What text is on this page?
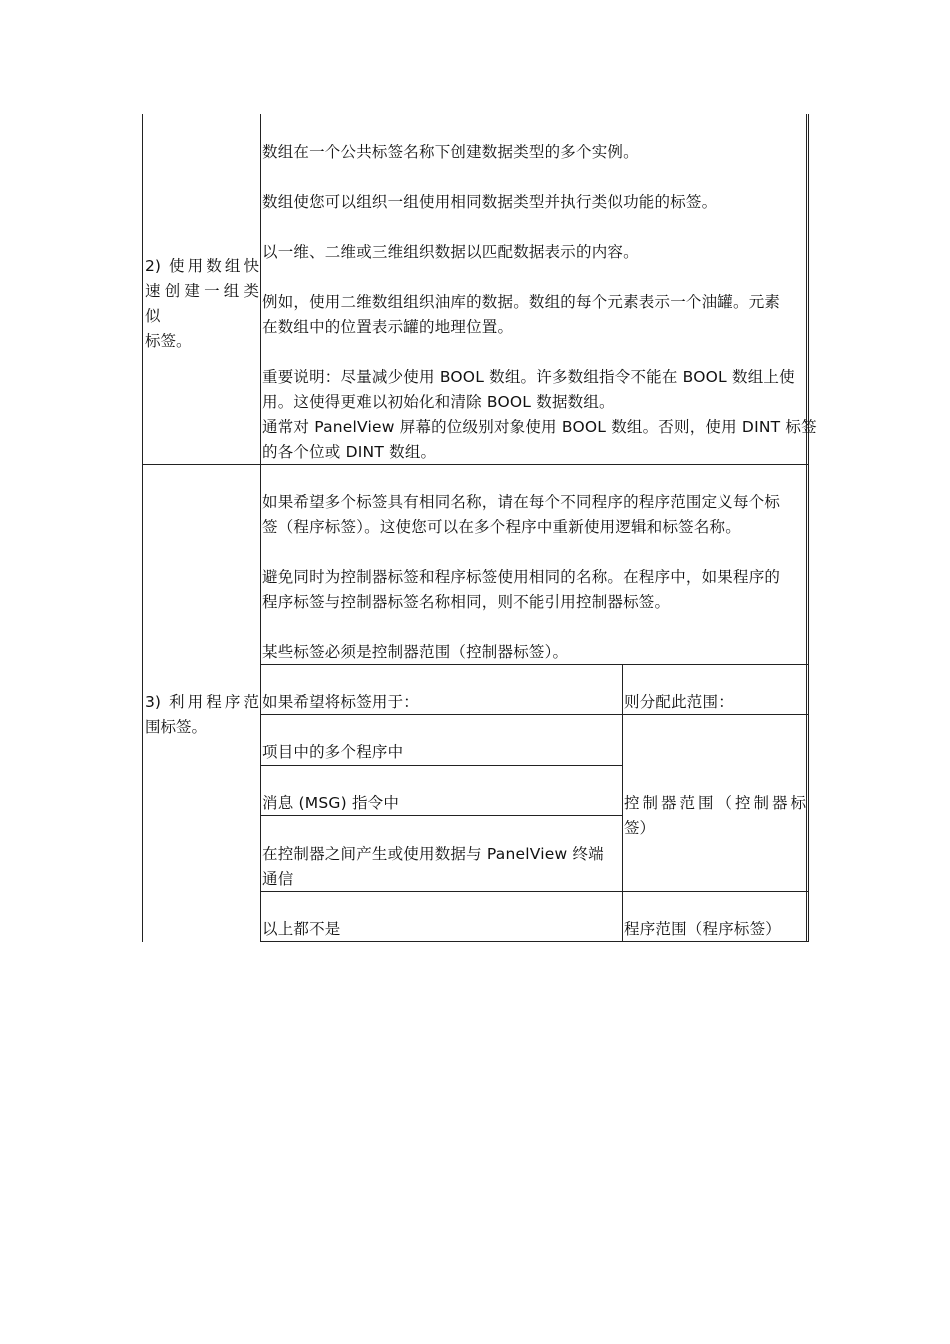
2) 使用数组快
速创建一组类
似
标签。
数组在一个公共标签名称下创建数据类型的多个实例。
数组使您可以组织一组使用相同数据类型并执行类似功能的标签。
以一维、二维或三维组织数据以匹配数据表示的内容。
例如，使用二维数组组织油库的数据。数组的每个元素表示一个油罐。元素
在数组中的位置表示罐的地理位置。
重要说明：尽量减少使用 BOOL 数组。许多数组指令不能在 BOOL 数组上使
用。这使得更难以初始化和清除 BOOL 数据数组。
通常对 PanelView 屏幕的位级别对象使用 BOOL 数组。否则，使用 DINT 标签
的各个位或 DINT 数组。
3) 利用程序范
围标签。
如果希望多个标签具有相同名称，请在每个不同程序的程序范围定义每个标
签（程序标签）。这使您可以在多个程序中重新使用逻辑和标签名称。
避免同时为控制器标签和程序标签使用相同的名称。在程序中，如果程序的
程序标签与控制器标签名称相同，则不能引用控制器标签。
某些标签必须是控制器范围（控制器标签）。
如果希望将标签用于：	则分配此范围：
项目中的多个程序中
消息 (MSG) 指令中
在控制器之间产生或使用数据与 PanelView 终端
通信
以上都不是
控制器范围（控制器标
签）
程序范围（程序标签）
